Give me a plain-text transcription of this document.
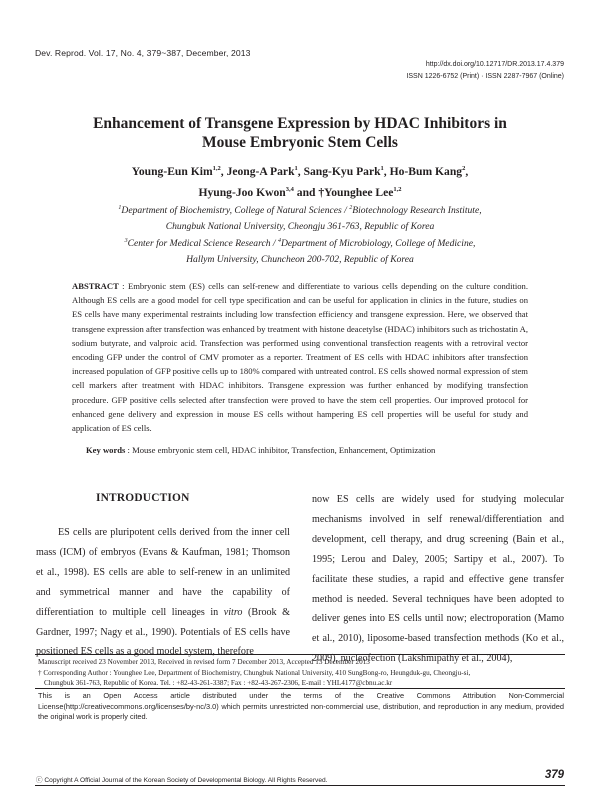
Dev. Reprod. Vol. 17, No. 4, 379~387, December, 2013
http://dx.doi.org/10.12717/DR.2013.17.4.379
ISSN 1226-6752 (Print) · ISSN 2287-7967 (Online)
Enhancement of Transgene Expression by HDAC Inhibitors in
Mouse Embryonic Stem Cells
Young-Eun Kim$^{1,2}$, Jeong-A Park$^1$, Sang-Kyu Park$^1$, Ho-Bum Kang$^2$,
Hyung-Joo Kwon$^{3,4}$ and †Younghee Lee$^{1,2}$
$^1$Department of Biochemistry, College of Natural Sciences / $^2$Biotechnology Research Institute,
Chungbuk National University, Cheongju 361-763, Republic of Korea
$^3$Center for Medical Science Research / $^4$Department of Microbiology, College of Medicine,
Hallym University, Chuncheon 200-702, Republic of Korea
ABSTRACT : Embryonic stem (ES) cells can self-renew and differentiate to various cells depending on the culture condition. Although ES cells are a good model for cell type specification and can be useful for application in clinics in the future, studies on ES cells have many experimental restraints including low transfection efficiency and transgene expression. Here, we observed that transgene expression after transfection was enhanced by treatment with histone deacetylse (HDAC) inhibitors such as trichostatin A, sodium butyrate, and valproic acid. Transfection was performed using conventional transfection reagents with a retroviral vector encoding GFP under the control of CMV promoter as a reporter. Treatment of ES cells with HDAC inhibitors after transfection increased population of GFP positive cells up to 180% compared with untreated control. ES cells showed normal expression of stem cell markers after treatment with HDAC inhibitors. Transgene expression was further enhanced by modifying transfection procedure. GFP positive cells selected after transfection were proved to have the stem cell properties. Our improved protocol for enhanced gene delivery and expression in mouse ES cells without hampering ES cell properties will be useful for study and application of ES cells.
Key words : Mouse embryonic stem cell, HDAC inhibitor, Transfection, Enhancement, Optimization
INTRODUCTION

ES cells are pluripotent cells derived from the inner cell mass (ICM) of embryos (Evans & Kaufman, 1981; Thomson et al., 1998). ES cells are able to self-renew in an unlimited and symmetrical manner and have the capability of differentiation to multiple cell lineages in vitro (Brook & Gardner, 1997; Nagy et al., 1990). Potentials of ES cells have positioned ES cells as a good model system, therefore

now ES cells are widely used for studying molecular mechanisms involved in self renewal/differentiation and development, cell therapy, and drug screening (Bain et al., 1995; Lerou and Daley, 2005; Sartipy et al., 2007). To facilitate these studies, a rapid and effective gene transfer method is needed. Several techniques have been adopted to deliver genes into ES cells until now; electroporation (Mamo et al., 2010), liposome-based transfection methods (Ko et al., 2009), nucleofection (Lakshmipathy et al., 2004),

Manuscript received 23 November 2013, Received in revised form 7 December 2013, Accepted 13 December 2013

† Corresponding Author : Younghee Lee, Department of Biochemistry, Chungbuk National University, 410 SungBong-ro, Heungduk-gu, Cheongju-si,

Chungbuk 361-763, Republic of Korea. Tel. : +82-43-261-3387; Fax : +82-43-267-2306, E-mail : YHL4177@cbnu.ac.kr

This is an Open Access article distributed under the terms of the Creative Commons Attribution Non-Commercial License(http://creativecommons.org/licenses/by-nc/3.0) which permits unrestricted non-commercial use, distribution, and reproduction in any medium, provided the original work is properly cited.
ⓒ Copyright A Official Journal of the Korean Society of Developmental Biology. All Rights Reserved.	379
